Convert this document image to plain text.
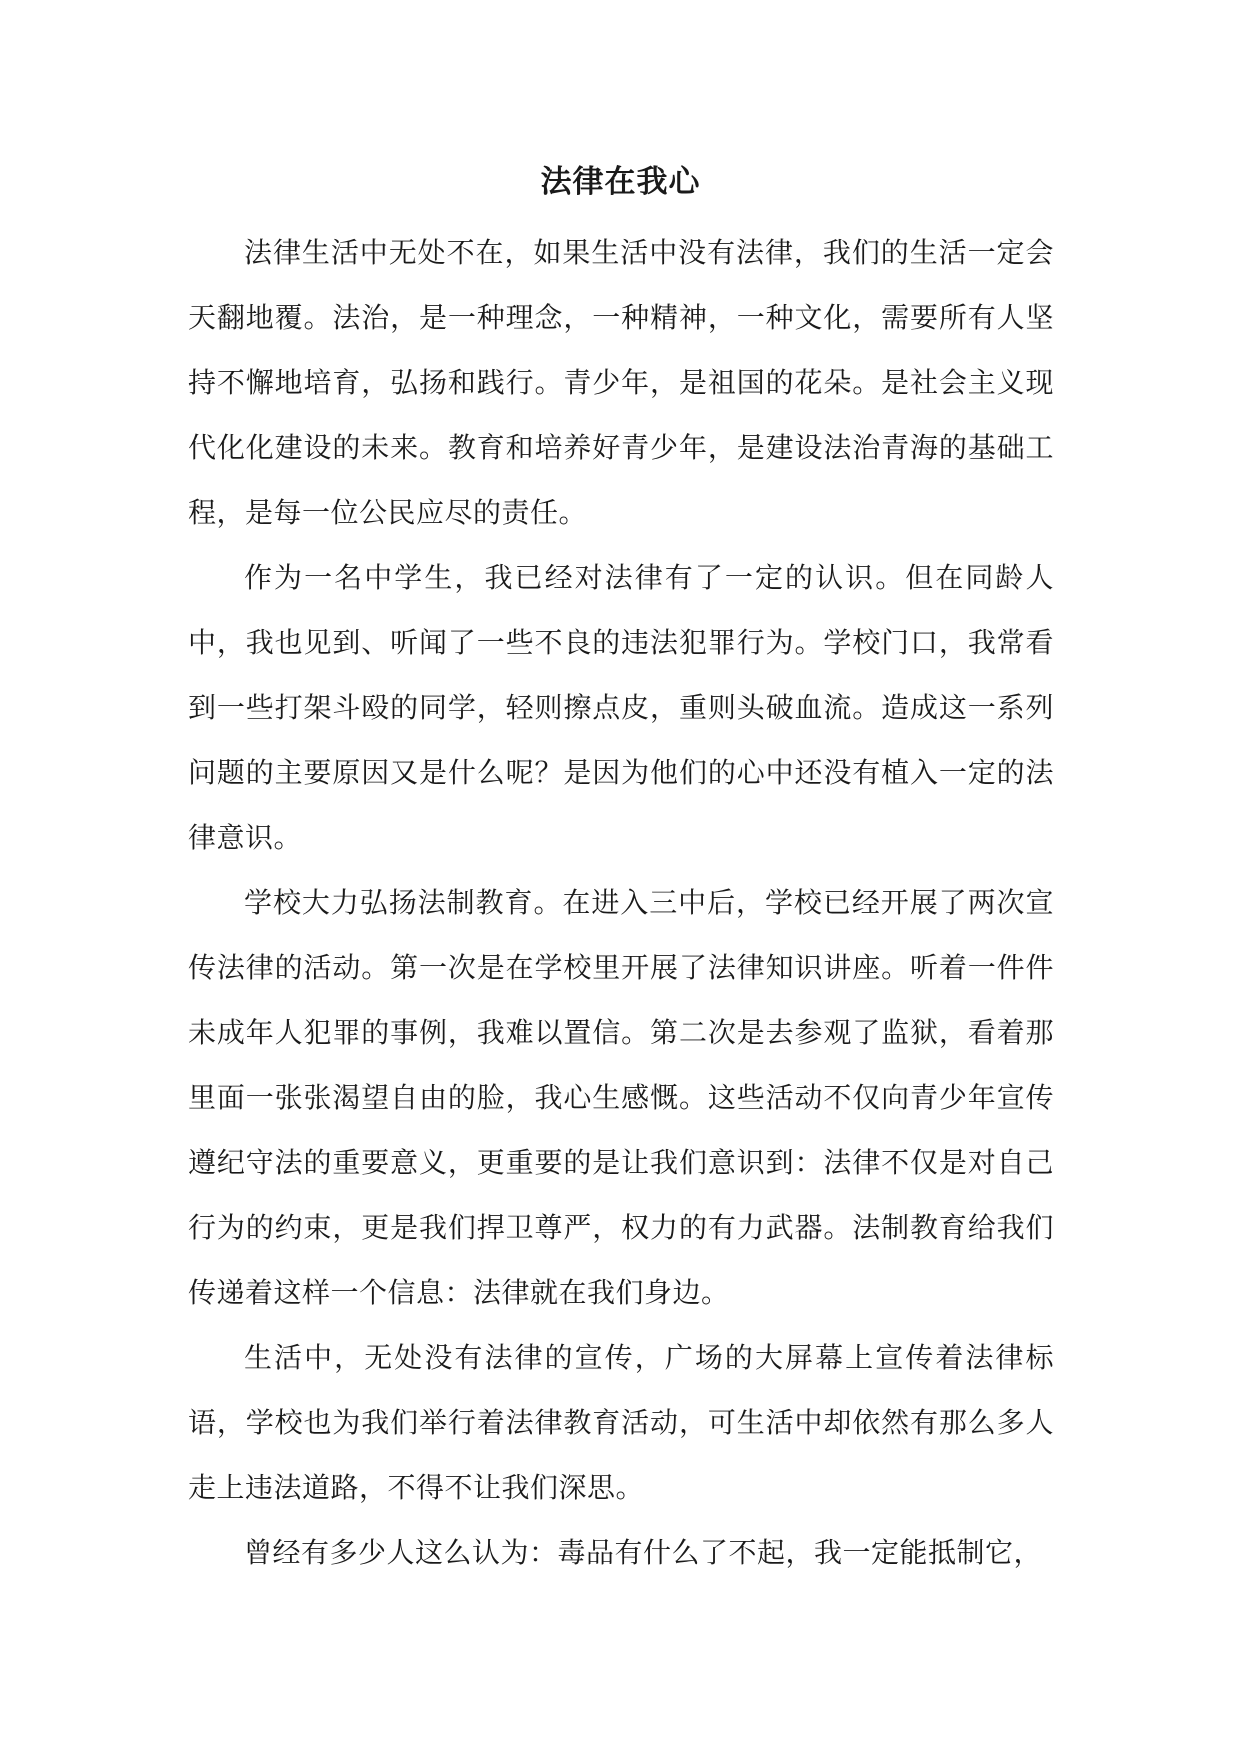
法律在我心

法律生活中无处不在，如果生活中没有法律，我们的生活一定会天翻地覆。法治，是一种理念，一种精神，一种文化，需要所有人坚持不懈地培育，弘扬和践行。青少年，是祖国的花朵。是社会主义现代化化建设的未来。教育和培养好青少年，是建设法治青海的基础工程，是每一位公民应尽的责任。

作为一名中学生，我已经对法律有了一定的认识。但在同龄人中，我也见到、听闻了一些不良的违法犯罪行为。学校门口，我常看到一些打架斗殴的同学，轻则擦点皮，重则头破血流。造成这一系列问题的主要原因又是什么呢？是因为他们的心中还没有植入一定的法律意识。

学校大力弘扬法制教育。在进入三中后，学校已经开展了两次宣传法律的活动。第一次是在学校里开展了法律知识讲座。听着一件件未成年人犯罪的事例，我难以置信。第二次是去参观了监狱，看着那里面一张张渴望自由的脸，我心生感慨。这些活动不仅向青少年宣传遵纪守法的重要意义，更重要的是让我们意识到：法律不仅是对自己行为的约束，更是我们捍卫尊严，权力的有力武器。法制教育给我们传递着这样一个信息：法律就在我们身边。

生活中，无处没有法律的宣传，广场的大屏幕上宣传着法律标语，学校也为我们举行着法律教育活动，可生活中却依然有那么多人走上违法道路，不得不让我们深思。

曾经有多少人这么认为：毒品有什么了不起，我一定能抵制它，
